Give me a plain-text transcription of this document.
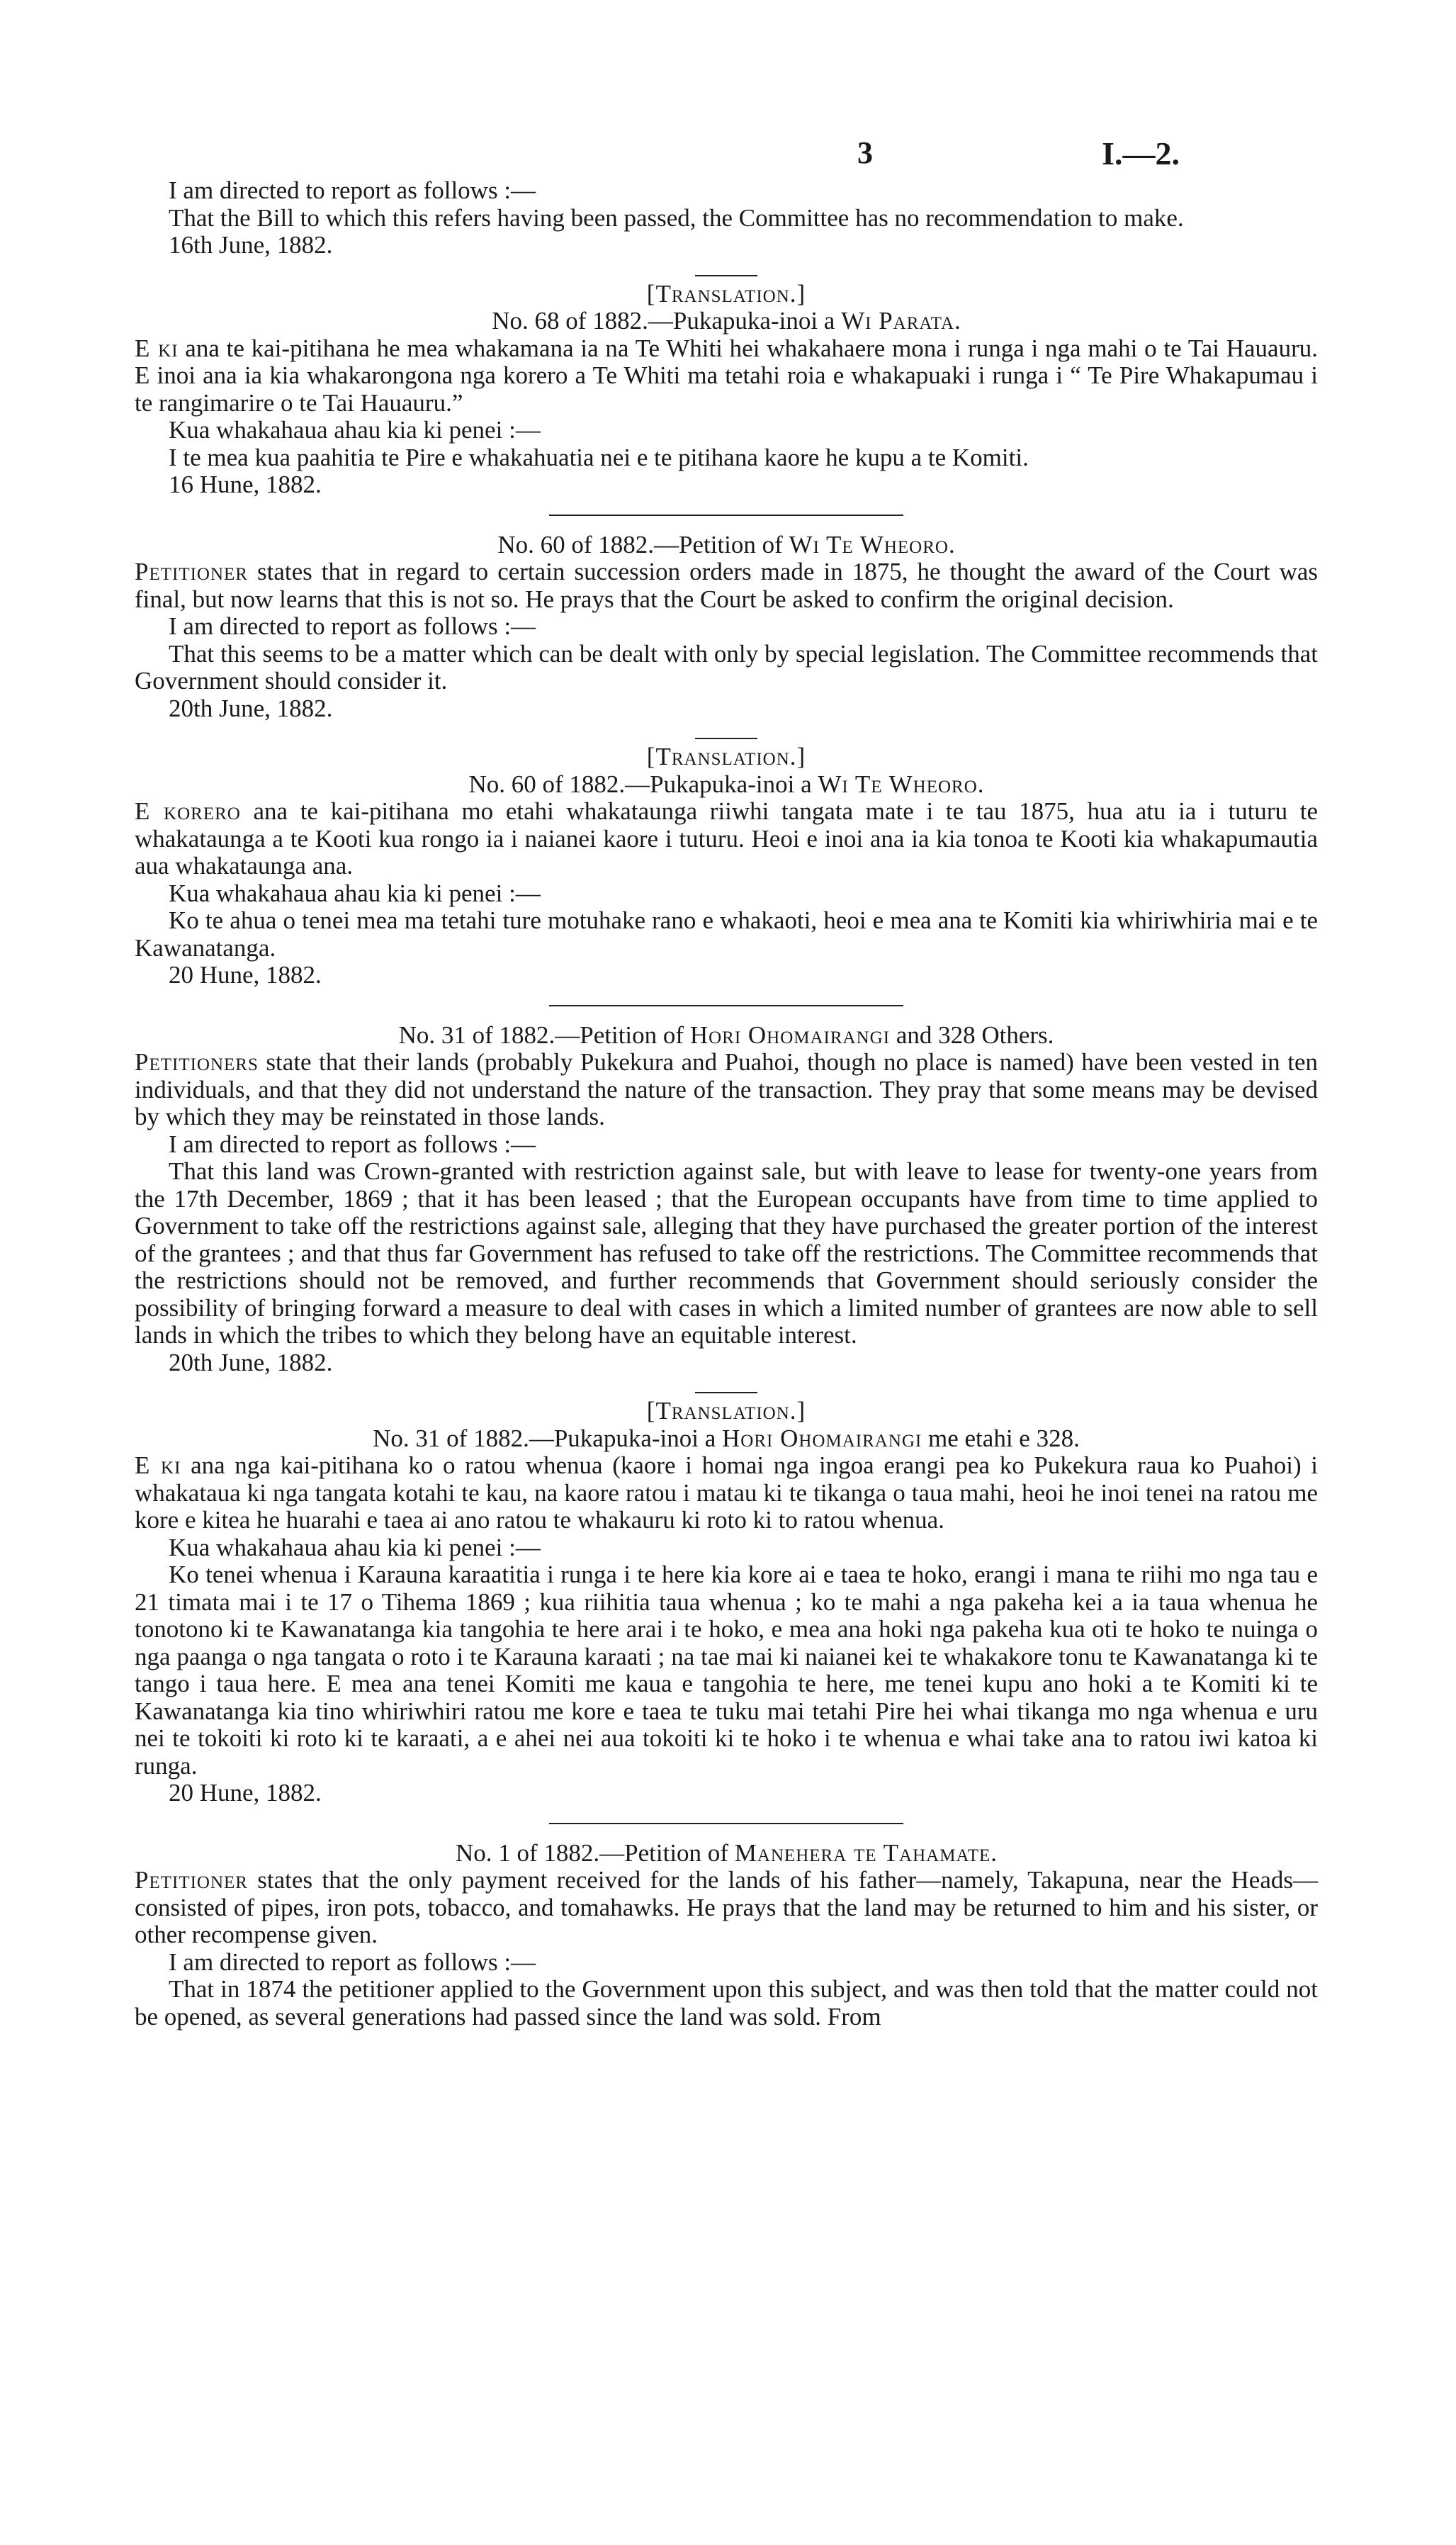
3	I.—2.

I am directed to report as follows :—

That the Bill to which this refers having been passed, the Committee has no recommendation to make.

16th June, 1882.

[Translation.]

No. 68 of 1882.—Pukapuka-inoi a Wi Parata.

E ki ana te kai-pitihana he mea whakamana ia na Te Whiti hei whakahaere mona i runga i nga mahi o te Tai Hauauru. E inoi ana ia kia whakarongona nga korero a Te Whiti ma tetahi roia e whakapuaki i runga i “ Te Pire Whakapumau i te rangimarire o te Tai Hauauru.”

Kua whakahaua ahau kia ki penei :—

I te mea kua paahitia te Pire e whakahuatia nei e te pitihana kaore he kupu a te Komiti.

16 Hune, 1882.

No. 60 of 1882.—Petition of Wi Te Wheoro.

Petitioner states that in regard to certain succession orders made in 1875, he thought the award of the Court was final, but now learns that this is not so. He prays that the Court be asked to confirm the original decision.

I am directed to report as follows :—

That this seems to be a matter which can be dealt with only by special legislation. The Committee recommends that Government should consider it.

20th June, 1882.

[Translation.]

No. 60 of 1882.—Pukapuka-inoi a Wi Te Wheoro.

E korero ana te kai-pitihana mo etahi whakataunga riiwhi tangata mate i te tau 1875, hua atu ia i tuturu te whakataunga a te Kooti kua rongo ia i naianei kaore i tuturu. Heoi e inoi ana ia kia tonoa te Kooti kia whakapumautia aua whakataunga ana.

Kua whakahaua ahau kia ki penei :—

Ko te ahua o tenei mea ma tetahi ture motuhake rano e whakaoti, heoi e mea ana te Komiti kia whiriwhiria mai e te Kawanatanga.

20 Hune, 1882.

No. 31 of 1882.—Petition of Hori Ohomairangi and 328 Others.

Petitioners state that their lands (probably Pukekura and Puahoi, though no place is named) have been vested in ten individuals, and that they did not understand the nature of the transaction. They pray that some means may be devised by which they may be reinstated in those lands.

I am directed to report as follows :—

That this land was Crown-granted with restriction against sale, but with leave to lease for twenty-one years from the 17th December, 1869 ; that it has been leased ; that the European occupants have from time to time applied to Government to take off the restrictions against sale, alleging that they have purchased the greater portion of the interest of the grantees ; and that thus far Government has refused to take off the restrictions. The Committee recommends that the restrictions should not be removed, and further recommends that Government should seriously consider the possibility of bringing forward a measure to deal with cases in which a limited number of grantees are now able to sell lands in which the tribes to which they belong have an equitable interest.

20th June, 1882.

[Translation.]

No. 31 of 1882.—Pukapuka-inoi a Hori Ohomairangi me etahi e 328.

E ki ana nga kai-pitihana ko o ratou whenua (kaore i homai nga ingoa erangi pea ko Pukekura raua ko Puahoi) i whakataua ki nga tangata kotahi te kau, na kaore ratou i matau ki te tikanga o taua mahi, heoi he inoi tenei na ratou me kore e kitea he huarahi e taea ai ano ratou te whakauru ki roto ki to ratou whenua.

Kua whakahaua ahau kia ki penei :—

Ko tenei whenua i Karauna karaatitia i runga i te here kia kore ai e taea te hoko, erangi i mana te riihi mo nga tau e 21 timata mai i te 17 o Tihema 1869 ; kua riihitia taua whenua ; ko te mahi a nga pakeha kei a ia taua whenua he tonotono ki te Kawanatanga kia tangohia te here arai i te hoko, e mea ana hoki nga pakeha kua oti te hoko te nuinga o nga paanga o nga tangata o roto i te Karauna karaati ; na tae mai ki naianei kei te whakakore tonu te Kawanatanga ki te tango i taua here. E mea ana tenei Komiti me kaua e tangohia te here, me tenei kupu ano hoki a te Komiti ki te Kawanatanga kia tino whiriwhiri ratou me kore e taea te tuku mai tetahi Pire hei whai tikanga mo nga whenua e uru nei te tokoiti ki roto ki te karaati, a e ahei nei aua tokoiti ki te hoko i te whenua e whai take ana to ratou iwi katoa ki runga.

20 Hune, 1882.

No. 1 of 1882.—Petition of Manehera te Tahamate.

Petitioner states that the only payment received for the lands of his father—namely, Takapuna, near the Heads—consisted of pipes, iron pots, tobacco, and tomahawks. He prays that the land may be returned to him and his sister, or other recompense given.

I am directed to report as follows :—

That in 1874 the petitioner applied to the Government upon this subject, and was then told that the matter could not be opened, as several generations had passed since the land was sold. From
